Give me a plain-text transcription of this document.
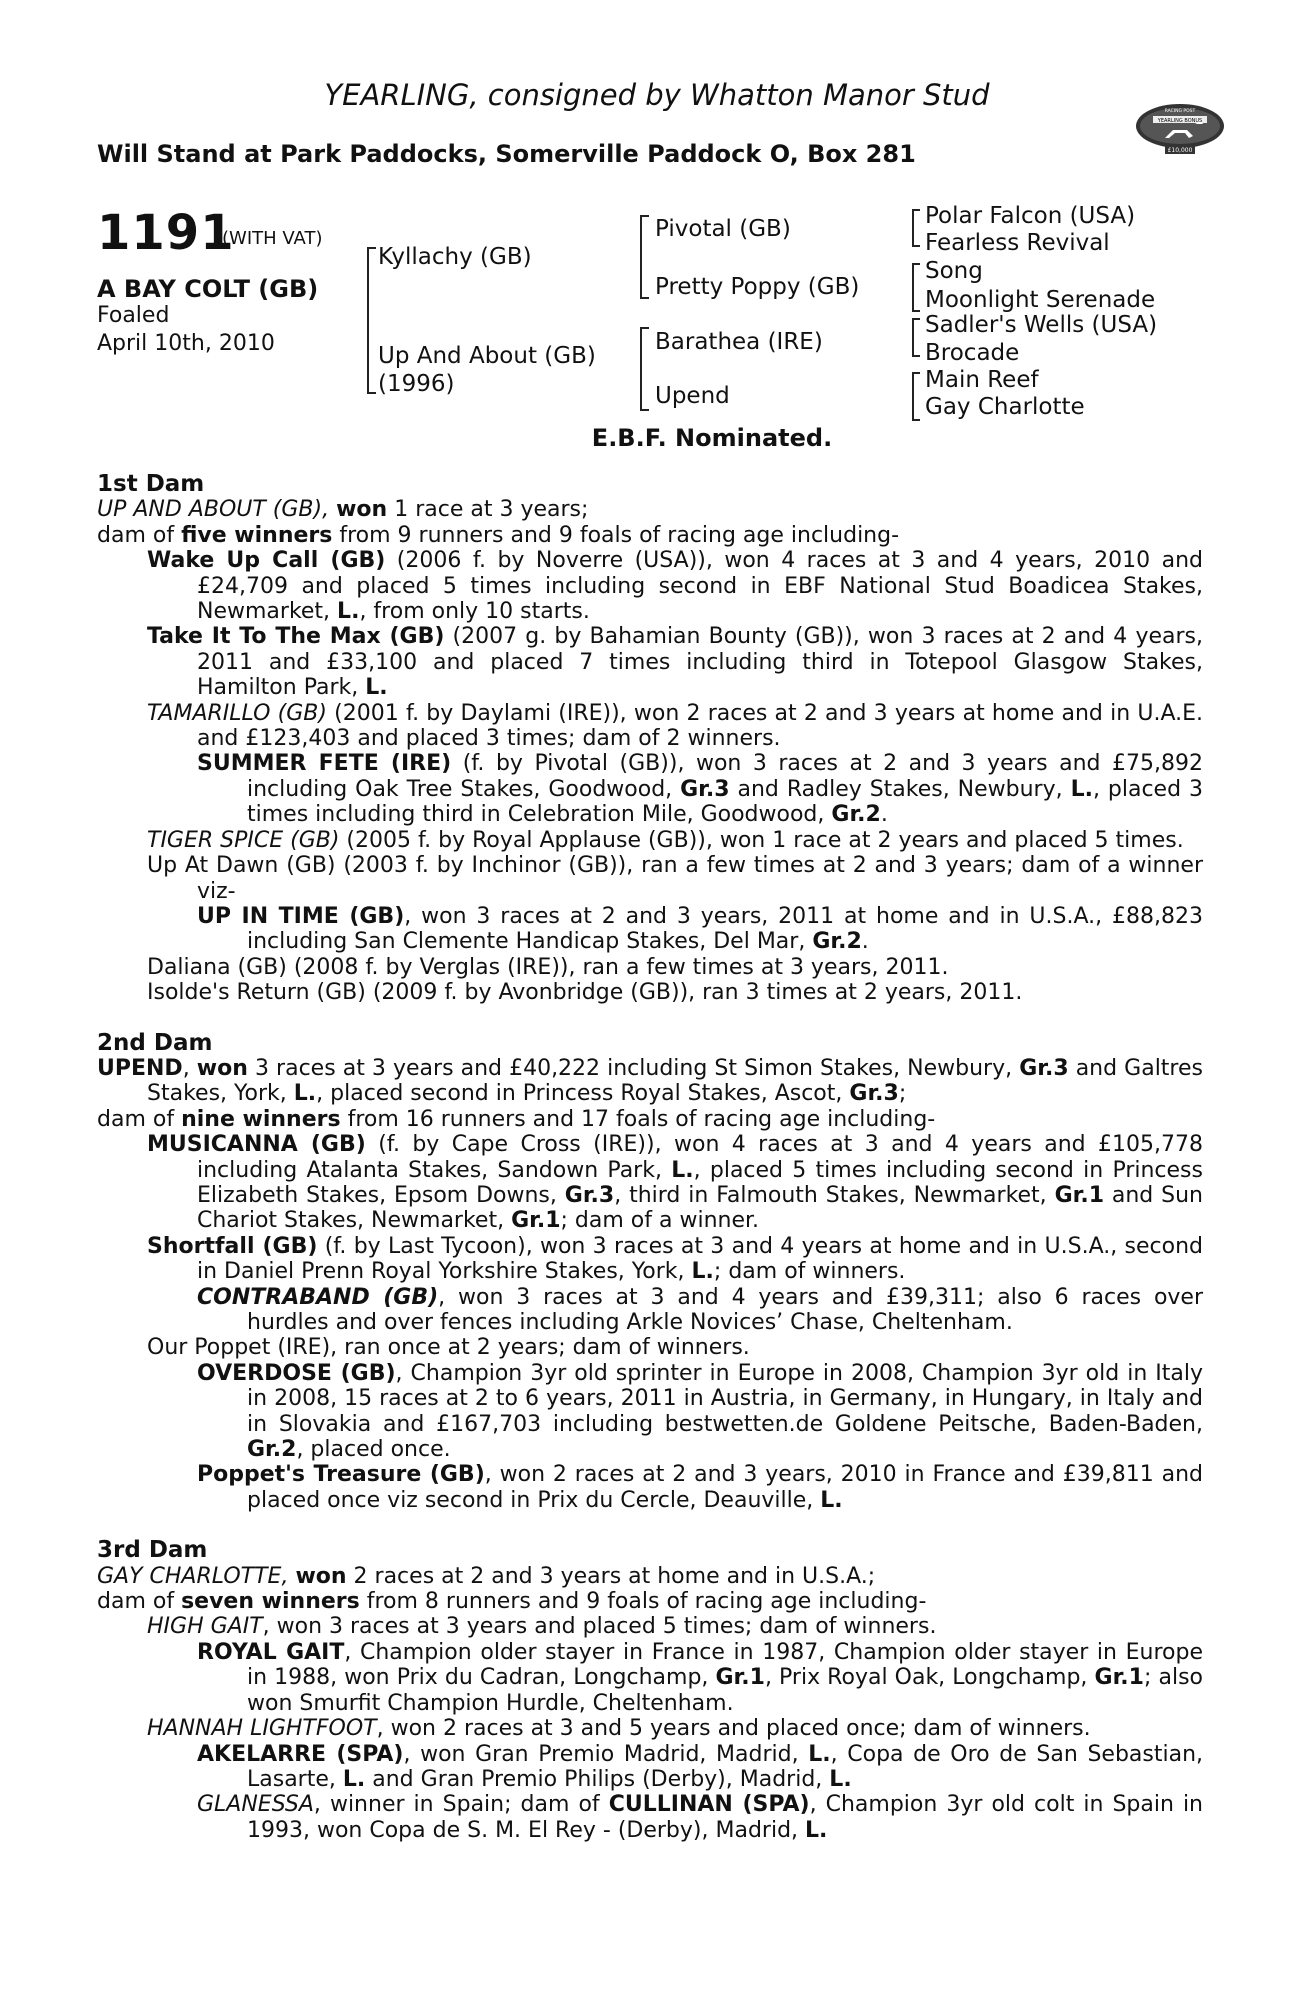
YEARLING, consigned by Whatton Manor Stud
Will Stand at Park Paddocks, Somerville Paddock O, Box 281
YEARLING BONUS
RACING POST
£10,000
1191
(WITH VAT)
A BAY COLT (GB)
Foaled
April 10th, 2010
Kyllachy (GB)
Up And About (GB)
(1996)
Pivotal (GB)
Pretty Poppy (GB)
Barathea (IRE)
Upend
Polar Falcon (USA)
Fearless Revival
Song
Moonlight Serenade
Sadler's Wells (USA)
Brocade
Main Reef
Gay Charlotte
E.B.F. Nominated.

1st Dam

UP AND ABOUT (GB), won 1 race at 3 years;

dam of five winners from 9 runners and 9 foals of racing age including-

Wake Up Call (GB) (2006 f. by Noverre (USA)), won 4 races at 3 and 4 years, 2010 and £24,709 and placed 5 times including second in EBF National Stud Boadicea Stakes, Newmarket, L., from only 10 starts.

Take It To The Max (GB) (2007 g. by Bahamian Bounty (GB)), won 3 races at 2 and 4 years, 2011 and £33,100 and placed 7 times including third in Totepool Glasgow Stakes, Hamilton Park, L.

TAMARILLO (GB) (2001 f. by Daylami (IRE)), won 2 races at 2 and 3 years at home and in U.A.E. and £123,403 and placed 3 times; dam of 2 winners.

SUMMER FETE (IRE) (f. by Pivotal (GB)), won 3 races at 2 and 3 years and £75,892 including Oak Tree Stakes, Goodwood, Gr.3 and Radley Stakes, Newbury, L., placed 3 times including third in Celebration Mile, Goodwood, Gr.2.

TIGER SPICE (GB) (2005 f. by Royal Applause (GB)), won 1 race at 2 years and placed 5 times.

Up At Dawn (GB) (2003 f. by Inchinor (GB)), ran a few times at 2 and 3 years; dam of a winner viz-

UP IN TIME (GB), won 3 races at 2 and 3 years, 2011 at home and in U.S.A., £88,823 including San Clemente Handicap Stakes, Del Mar, Gr.2.

Daliana (GB) (2008 f. by Verglas (IRE)), ran a few times at 3 years, 2011.

Isolde's Return (GB) (2009 f. by Avonbridge (GB)), ran 3 times at 2 years, 2011.

2nd Dam

UPEND, won 3 races at 3 years and £40,222 including St Simon Stakes, Newbury, Gr.3 and Galtres Stakes, York, L., placed second in Princess Royal Stakes, Ascot, Gr.3;

dam of nine winners from 16 runners and 17 foals of racing age including-

MUSICANNA (GB) (f. by Cape Cross (IRE)), won 4 races at 3 and 4 years and £105,778 including Atalanta Stakes, Sandown Park, L., placed 5 times including second in Princess Elizabeth Stakes, Epsom Downs, Gr.3, third in Falmouth Stakes, Newmarket, Gr.1 and Sun Chariot Stakes, Newmarket, Gr.1; dam of a winner.

Shortfall (GB) (f. by Last Tycoon), won 3 races at 3 and 4 years at home and in U.S.A., second in Daniel Prenn Royal Yorkshire Stakes, York, L.; dam of winners.

CONTRABAND (GB), won 3 races at 3 and 4 years and £39,311; also 6 races over hurdles and over fences including Arkle Novices’ Chase, Cheltenham.

Our Poppet (IRE), ran once at 2 years; dam of winners.

OVERDOSE (GB), Champion 3yr old sprinter in Europe in 2008, Champion 3yr old in Italy in 2008, 15 races at 2 to 6 years, 2011 in Austria, in Germany, in Hungary, in Italy and in Slovakia and £167,703 including bestwetten.de Goldene Peitsche, Baden-Baden, Gr.2, placed once.

Poppet's Treasure (GB), won 2 races at 2 and 3 years, 2010 in France and £39,811 and placed once viz second in Prix du Cercle, Deauville, L.

3rd Dam

GAY CHARLOTTE, won 2 races at 2 and 3 years at home and in U.S.A.;

dam of seven winners from 8 runners and 9 foals of racing age including-

HIGH GAIT, won 3 races at 3 years and placed 5 times; dam of winners.

ROYAL GAIT, Champion older stayer in France in 1987, Champion older stayer in Europe in 1988, won Prix du Cadran, Longchamp, Gr.1, Prix Royal Oak, Longchamp, Gr.1; also won Smurfit Champion Hurdle, Cheltenham.

HANNAH LIGHTFOOT, won 2 races at 3 and 5 years and placed once; dam of winners.

AKELARRE (SPA), won Gran Premio Madrid, Madrid, L., Copa de Oro de San Sebastian, Lasarte, L. and Gran Premio Philips (Derby), Madrid, L.

GLANESSA, winner in Spain; dam of CULLINAN (SPA), Champion 3yr old colt in Spain in 1993, won Copa de S. M. El Rey - (Derby), Madrid, L.
